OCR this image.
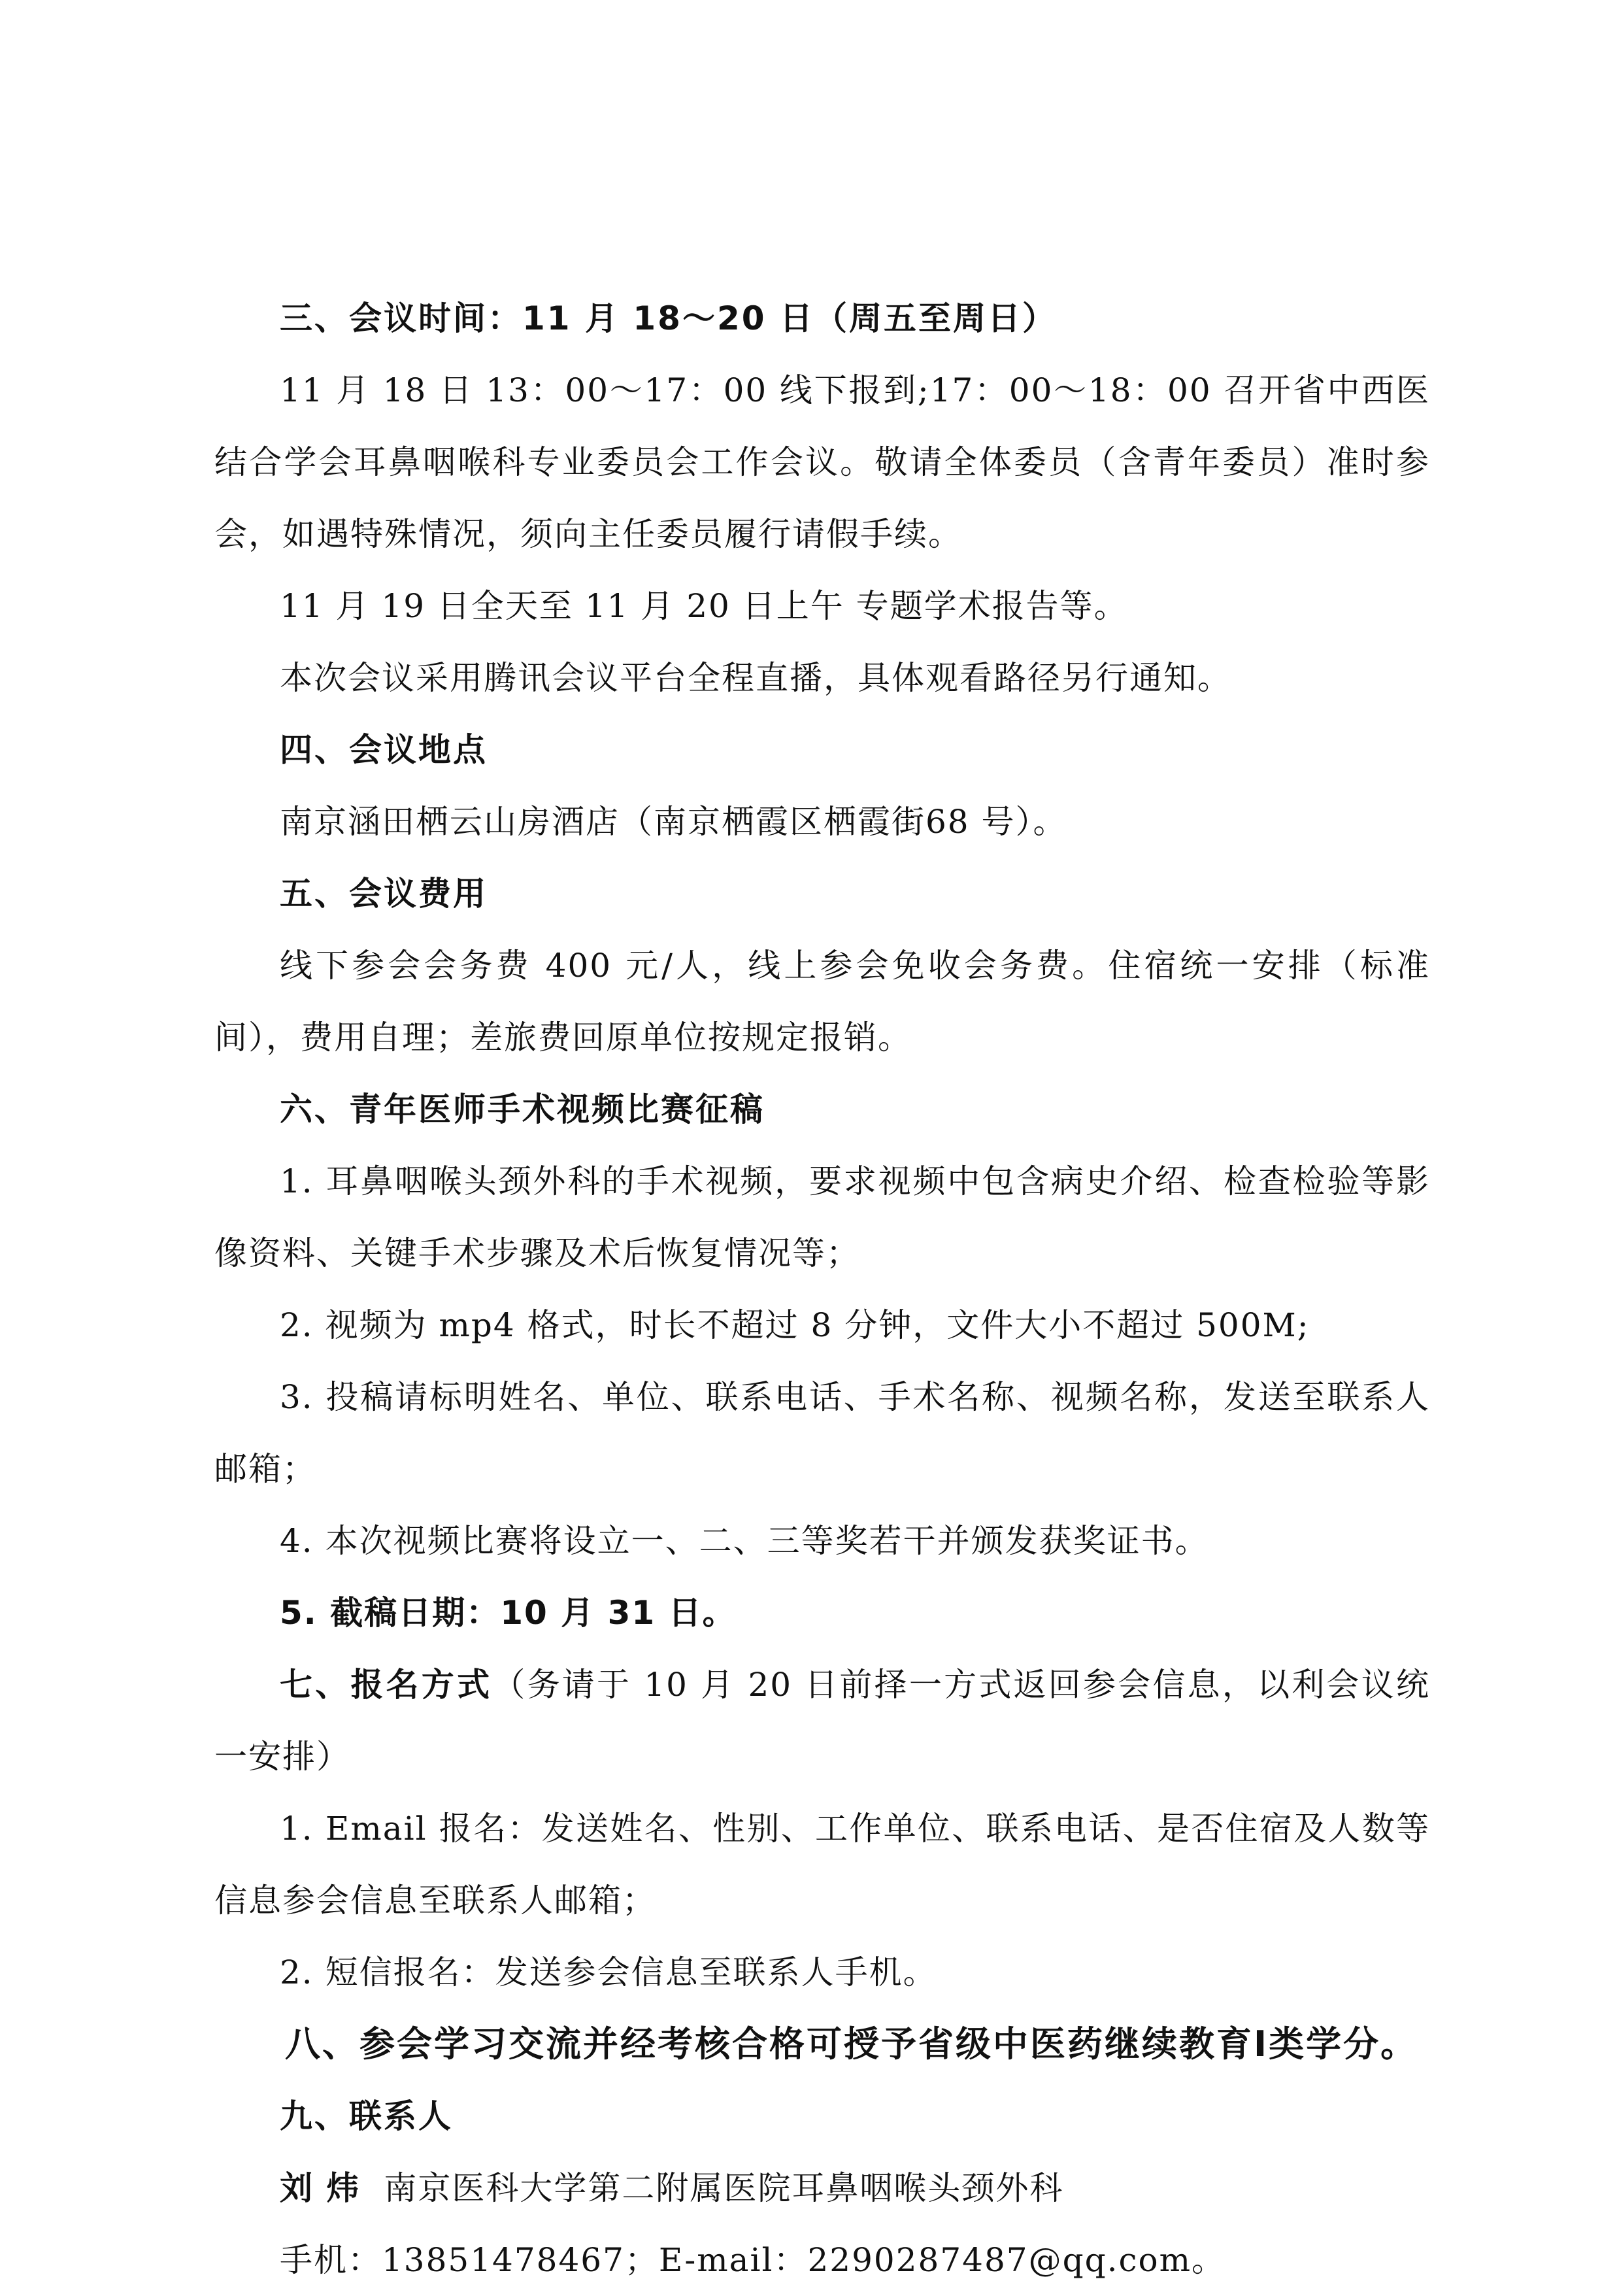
三、会议时间：11 月 18～20 日（周五至周日）

11 月 18 日 13：00～17：00 线下报到;17：00～18：00 召开省中西医结合学会耳鼻咽喉科专业委员会工作会议。敬请全体委员（含青年委员）准时参会，如遇特殊情况，须向主任委员履行请假手续。

11 月 19 日全天至 11 月 20 日上午 专题学术报告等。

本次会议采用腾讯会议平台全程直播，具体观看路径另行通知。

四、会议地点

南京涵田栖云山房酒店（南京栖霞区栖霞街68 号）。

五、会议费用

线下参会会务费 400 元/人，线上参会免收会务费。住宿统一安排（标准间），费用自理；差旅费回原单位按规定报销。

六、青年医师手术视频比赛征稿

1. 耳鼻咽喉头颈外科的手术视频，要求视频中包含病史介绍、检查检验等影像资料、关键手术步骤及术后恢复情况等；

2. 视频为 mp4 格式，时长不超过 8 分钟，文件大小不超过 500M;

3. 投稿请标明姓名、单位、联系电话、手术名称、视频名称，发送至联系人邮箱；

4. 本次视频比赛将设立一、二、三等奖若干并颁发获奖证书。

5. 截稿日期：10 月 31 日。

七、报名方式（务请于 10 月 20 日前择一方式返回参会信息，以利会议统一安排）

1. Email 报名：发送姓名、性别、工作单位、联系电话、是否住宿及人数等信息参会信息至联系人邮箱；

2. 短信报名：发送参会信息至联系人手机。

八、参会学习交流并经考核合格可授予省级中医药继续教育Ⅰ类学分。

九、联系人

刘 炜 南京医科大学第二附属医院耳鼻咽喉头颈外科

手机：13851478467；E-mail：2290287487@qq.com。
